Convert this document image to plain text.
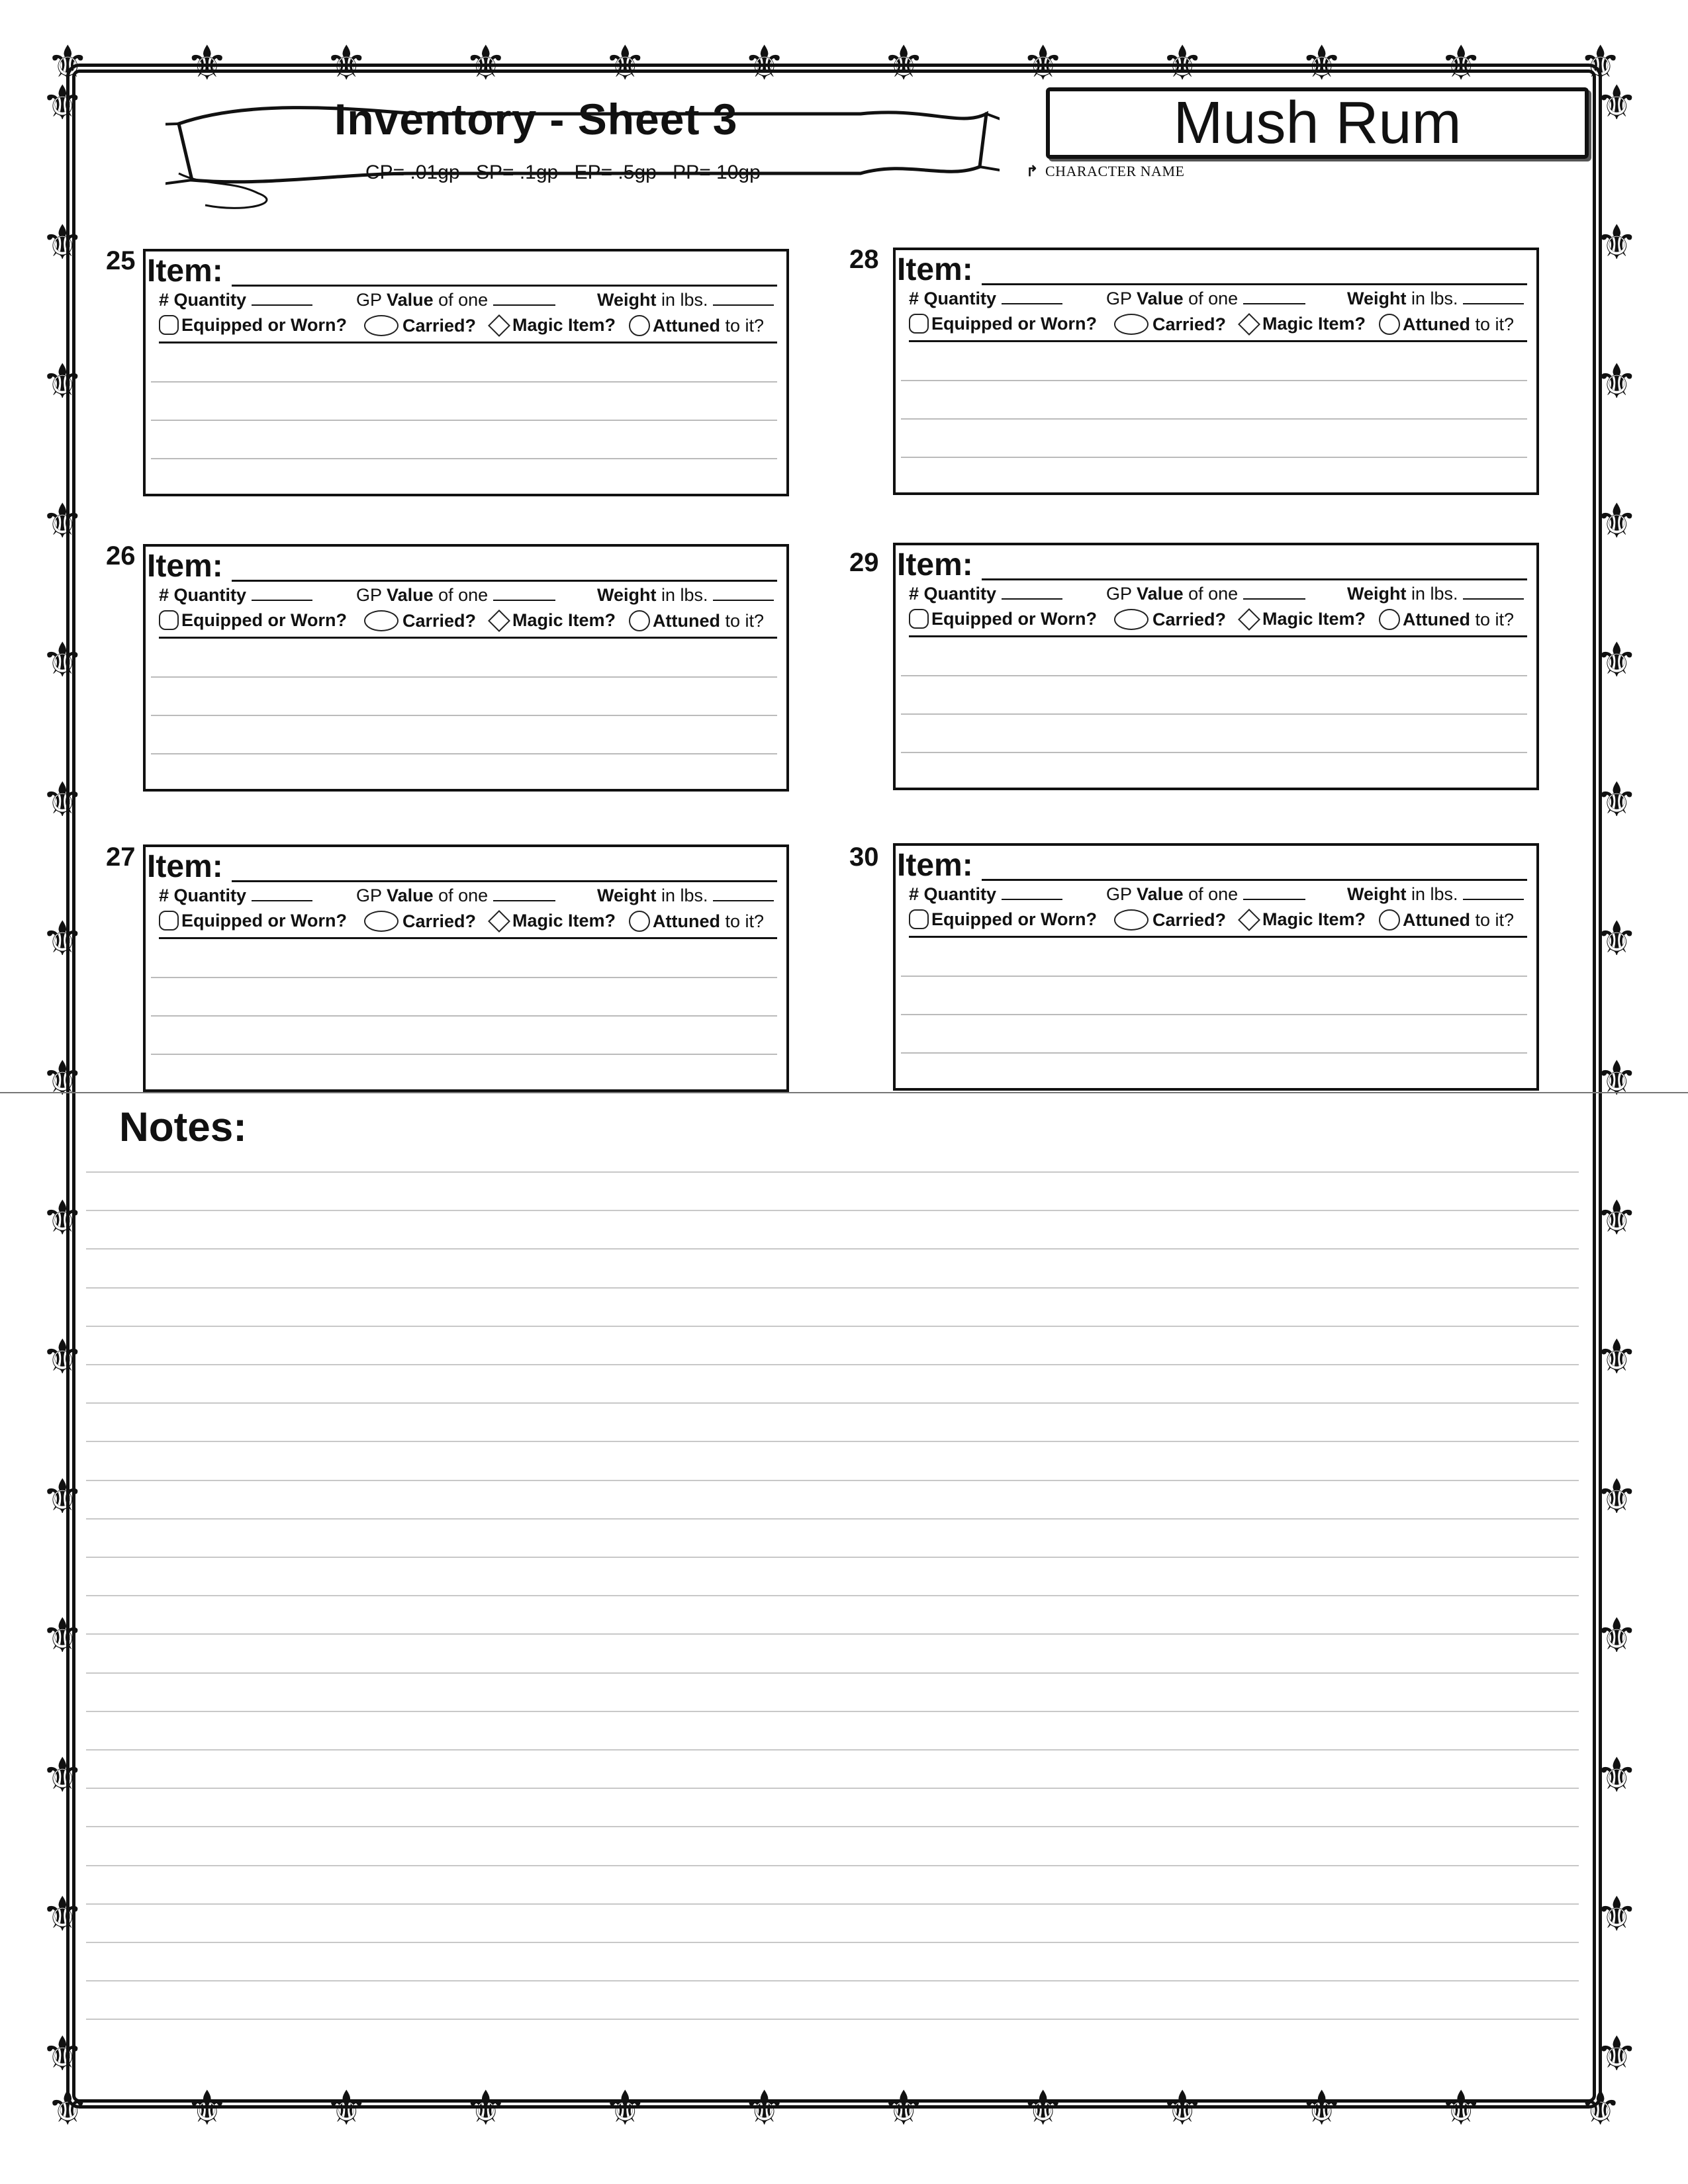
⚜ ⚜ ⚜ ⚜ ⚜ ⚜ ⚜ ⚜ ⚜ ⚜ ⚜ ⚜
⚜ ⚜ ⚜ ⚜ ⚜ ⚜ ⚜ ⚜ ⚜ ⚜ ⚜ ⚜
⚜
⚜
⚜
⚜
⚜
⚜
⚜
⚜
⚜
⚜
⚜
⚜
⚜
⚜
⚜
⚜
⚜
⚜
⚜
⚜
⚜
⚜
⚜
⚜
⚜
⚜
⚜
⚜
⚜
⚜
Inventory - Sheet 3
CP= .01gp SP= .1gp EP= .5gp PP= 10gp
Mush Rum
↱ CHARACTER NAME
25 Item:
# Quantity	GP Value of one	Weight in lbs.
Equipped or Worn?	Carried?	Magic Item?	Attuned to it?
26 Item:
# Quantity	GP Value of one	Weight in lbs.
Equipped or Worn?	Carried?	Magic Item?	Attuned to it?
27 Item:
# Quantity	GP Value of one	Weight in lbs.
Equipped or Worn?	Carried?	Magic Item?	Attuned to it?
28 Item:
# Quantity	GP Value of one	Weight in lbs.
Equipped or Worn?	Carried?	Magic Item?	Attuned to it?
29 Item:
# Quantity	GP Value of one	Weight in lbs.
Equipped or Worn?	Carried?	Magic Item?	Attuned to it?
30 Item:
# Quantity	GP Value of one	Weight in lbs.
Equipped or Worn?	Carried?	Magic Item?	Attuned to it?
Notes:
